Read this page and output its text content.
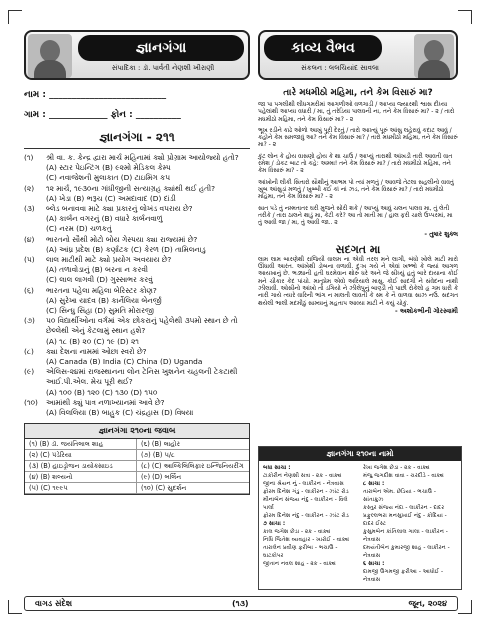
જ્ઞાનગંગા
સંપાદિકા : ડૉ. પાર્વતી નેણશી ખીરાણી
નામ : __________________________
ગામ : _____________ ફોન : __________
જ્ઞાનગંગા - ૨૧૧
(૧)	શ્રી વા. ક. કેન્દ્ર દ્વારા માર્ચ મહિનામાં ક્યો પ્રોગ્રામ આયોજ્યો હતો?
(A) સ્ટાર પેઇન્ટિંગ (B) ૯૨મો મેડિકલ કેમ્પ
(C) નવાજેશની મુલાકાત (D) ટાઇમિંગ કપ
(૨)	૧૨ માર્ચ, ૧૯૩૦ના ગાંધીજીની સત્યાગ્રહ ક્યાંથી થઈ હતી?
(A) ખેડા (B) ભરૂચ (C) અમદાવાદ (D) દાંડી
(૩)	બ્લેડ બનાવવા માટે ક્યા પ્રકારનું લોખંડ વપરાય છે?
(A) કાર્બન વગરનું (B) વધારે કાર્બનવાળું
(C) નરમ (D) ચળકતું
(૪)	ભારતનો સૌથી મોટો બોય ગેસ્પયા ક્યા રાજ્યમાં છે?
(A) આંધ્ર પ્રદેશ (B) કર્ણાટક (C) કેરળ (D) તામિલનાડુ
(૫)	લાલ માટીથી માટે ક્યો પ્રયોગ અવયાય છે?
(A) તળાવોડાનું (B) બરના ન કરવી
(C) લાલ લાગવી (D) ગુસ્સાભર કરવું
(૬)	ભારતના પહેલા મહિલા બેરિસ્ટર કોણ?
(A) સુરેખા યાદવ (B) કાર્નેલિયા બેનર્જી
(C) સિન્ધુ સિંહા (D) સુમતિ મોરારજી
(૭)	૫૦ વિદ્યાર્થીઓના વર્ગમાં એક છોકરાનું પહેલેથી ૩૫મો સ્થાન છે તો છેલ્લેથી એનું કેટલામું સ્થાન હશે?
(A) ૧૮ (B) ૨૦ (C) ૧૯ (D) ૨૧
(૮)	ક્યા દેશના નામમાં ઓછા સ્વરો છે?
(A) Canada (B) India (C) China (D) Uganda
(૯)	એલિસ-૨૪માં રાજસ્થાનના લોન ટેનિસ ખુશનેન ચહલની ટેકટાથી આઈ.પી.એલ. મેચ પૂરી થઈ?
(A) ૧૦૦ (B) ૧૨૦ (C) ૧૩૦ (D) ૧૫૦
(૧૦)	આમાંથી ક્યું પાત્ર નળાખ્યાનમાં આવે છે?
(A) વિલલિયા (B) બાહુક (C) ચંદ્રહાસ (D) વિષયા
જ્ઞાનગંગા ૨૧૦ના જવાબ
(૧) (B) ડૉ. જયંતિલાલ શાહ	(૬) (B) લાહોર
(૨) (C) પંડેરિયા	(૭) (B) ૫/૮
(૩) (B) હાઇડ્રોજન ડાયોક્સાઇડ	(૮) (C) આલ્કિલિલિફાર ઇન્જિનિયરીંગ
(૪) (B) શલ્યનો	(૯) (D) બર્લિન
(૫) (C) ૧૯૯૫	(૧૦) (C) સુદર્શન
કાવ્ય વૈભવ
સંકલન : લલચિયાંદ સાવલા
તારે મધમીઠો મહિમા, તને કેમ વિસારું મા?
જા પા પગલીથી લીધગમરીમાં આગળીઓ વળગાડી / આપ્યા જ્યારથી શ્વાસ દીધ્યા પહેલાંથી આપ્યા વધારી / મા, તું તરેડિયા પાલવની ના, તને કેમ વિસારું મા? - ૨ / તારો મધમીઠો મહિમા, તને કેમ વિસારું મા? - ૨
ભૂખ રડીને કાઢે ઓળો આખું પૂરી દેરતું / તારો આખ્યું પૂરું આંસુ લહેરાવું કદાટ આવું / કહોને કેમ સમજાવું આ? તને કેમ વિસારું મા? / તારો મધમીઠો મહિમા, તને કેમ વિસારું મા? - ૨
કુંટ લોન કે હોય વાસણો હોય કે થા ચાઉ / આપ્યું તારાથી આંખડી તારી આવતી વાત રમેશ / ડોકટ બાટ તો કહે: અમ્મા! તને કેમ વિસારું મા? / તારો મધમીઠો મહિમા, તને કેમ વિસારું મા? - ૨
આંખોની લીકી સિતારો સૌથીનું આભમ પો ત્યાં મળતું / આવજે તેટલા સહલીનો વાવતું ખુબ આંસુડાં મળતું / ખુબ્બી કઈ કાં નાં ઝડ, તને કેમ વિસારું મા? / તારો મધમીઠો મહિમા, તને કેમ વિસારું મા? - ૨
સાત પડે તું નમ્મતાતર ઘરી મુજને સોંરી શકે / આપ્યું આવું ચલન પાલવ મા, તું લેતી તરીકે / તારા ઠાલને થાડું મા, કેટી કરે? આ તો માતી મા / હાલ ફરી ચાલે ઉપ્પરમાં, મા તું આવી જા / મા, તું આવી જા.. ૨
- તુષાર શુક્લ
સદગત મા
લામ લામ બારણેથી રાજિયી વાલમ ના એવી તરલ મને લાગી, બંધો ખોલે માટી મારો ઊંધાવી આરંત. આંખેથી ડોબના વળાવી. દુઃખ ગયે ને એવાં ખભ્ભો કે જ્યાં આગળ આયખાનું છે. ભડ્યાની હતી ઘરમેવાન થોરું ધરે અને જે સીધ્યું હતું બારે દાયાના કોઈ મને ચીકાર કેદ પાંચો. માતૃપ્રેમ એવો અરિયાલે માસુ. કોઈ સાદગી ને સંવેદના નાથી ઝીલાવી. ઓસીનો આંખો તો ડગિયો ને ઝીલેપુનું બાણ્ડી તો પાછી રોકેલો હૃ ગમ ધારી કે નારી ગાયે ત્યારે વારિની ભાંગ ન માલતી લાવતી કે સ્મ કે નૈ વાળવા સાઝ નઉ. સદગત થયેલી ભાલી મદમીઠું સામ્યાનું મહતાપ આવ્યા માટી ને કયું ચોકું.
- અશોકભીની ગોરસ્વામી
જ્ઞાનગંગા ૨૧૦ના નામો
બધા સાચા :
ટાકોરીન નેણશી સત્રા - ૨ક - વાક્ય
જીના શ્રેયન નું - લાકીરન - નેત્રવાસ
ફોરમ દિનેશ ગંડુ - લાકીરન - ઝાંટ રોડ
મીનાબેન સંજય નંદુ - લાકીરન - વિલે પાર્લા
ફોરમ દિનેશ નંદુ - લાકીરન - ઝાંટ રોડ
૭ સાચા :
કાલ જગેશ છેડા - ૨ક - વાક્ય
નિધિ જિતેશ વ્યવહાર - ખારોઈ - વાક્ય
તારાલેન પ્રવીણ ફરીબા - ભચાઉ - ઘાટકોપર
જીતાન નવલ શાહ - ૨ક - વાક્ય
રેખા જગેશ છેડા - ૨ક - વાક્ય
મંજુ જગદીશ વાવા - ચરદીડે - વાક્ય
૮ સાચા :
તારાબેન એમ. છેડિયા - ભચાઉ - સાંતાક્રુઝ
કસ્તુર સંજય નંદા - લાકીરન - દાદર
પ્રફુલ્લભરા મનસુખાઈ નંદુ - કોદિયા - દાદર ઈસ્ટ
કુસુમબેન કાંતિલાલ ગાલા - લાકીરન - નેત્રવાસ
દમયંતીબેન કુમારજી શાહ - લાકીરન - નેત્રવાસ
૬ સાચા :
દામજી ઉગમજી ફરીઆ - આધોઈ - નેત્રવાસ
વાગડ સંદેશ	(૧૩)	જૂન, ૨૦૨૪
